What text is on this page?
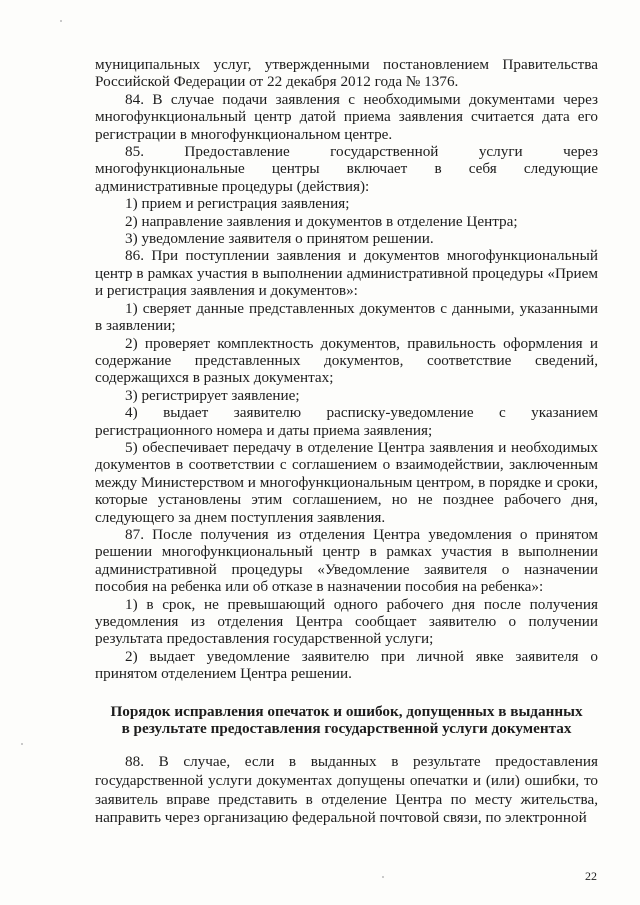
муниципальных услуг, утвержденными постановлением Правительства Российской Федерации от 22 декабря 2012 года № 1376.

84. В случае подачи заявления с необходимыми документами через многофункциональный центр датой приема заявления считается дата его регистрации в многофункциональном центре.

85. Предоставление государственной услуги через многофункциональные центры включает в себя следующие административные процедуры (действия):

1) прием и регистрация заявления;

2) направление заявления и документов в отделение Центра;

3) уведомление заявителя о принятом решении.

86. При поступлении заявления и документов многофункциональный центр в рамках участия в выполнении административной процедуры «Прием и регистрация заявления и документов»:

1) сверяет данные представленных документов с данными, указанными в заявлении;

2) проверяет комплектность документов, правильность оформления и содержание представленных документов, соответствие сведений, содержащихся в разных документах;

3) регистрирует заявление;

4) выдает заявителю расписку-уведомление с указанием регистрационного номера и даты приема заявления;

5) обеспечивает передачу в отделение Центра заявления и необходимых документов в соответствии с соглашением о взаимодействии, заключенным между Министерством и многофункциональным центром, в порядке и сроки, которые установлены этим соглашением, но не позднее рабочего дня, следующего за днем поступления заявления.

87. После получения из отделения Центра уведомления о принятом решении многофункциональный центр в рамках участия в выполнении административной процедуры «Уведомление заявителя о назначении пособия на ребенка или об отказе в назначении пособия на ребенка»:

1) в срок, не превышающий одного рабочего дня после получения уведомления из отделения Центра сообщает заявителю о получении результата предоставления государственной услуги;

2) выдает уведомление заявителю при личной явке заявителя о принятом отделением Центра решении.

Порядок исправления опечаток и ошибок, допущенных в выданных
в результате предоставления государственной услуги документах

88. В случае, если в выданных в результате предоставления государственной услуги документах допущены опечатки и (или) ошибки, то заявитель вправе представить в отделение Центра по месту жительства, направить через организацию федеральной почтовой связи, по электронной

22
